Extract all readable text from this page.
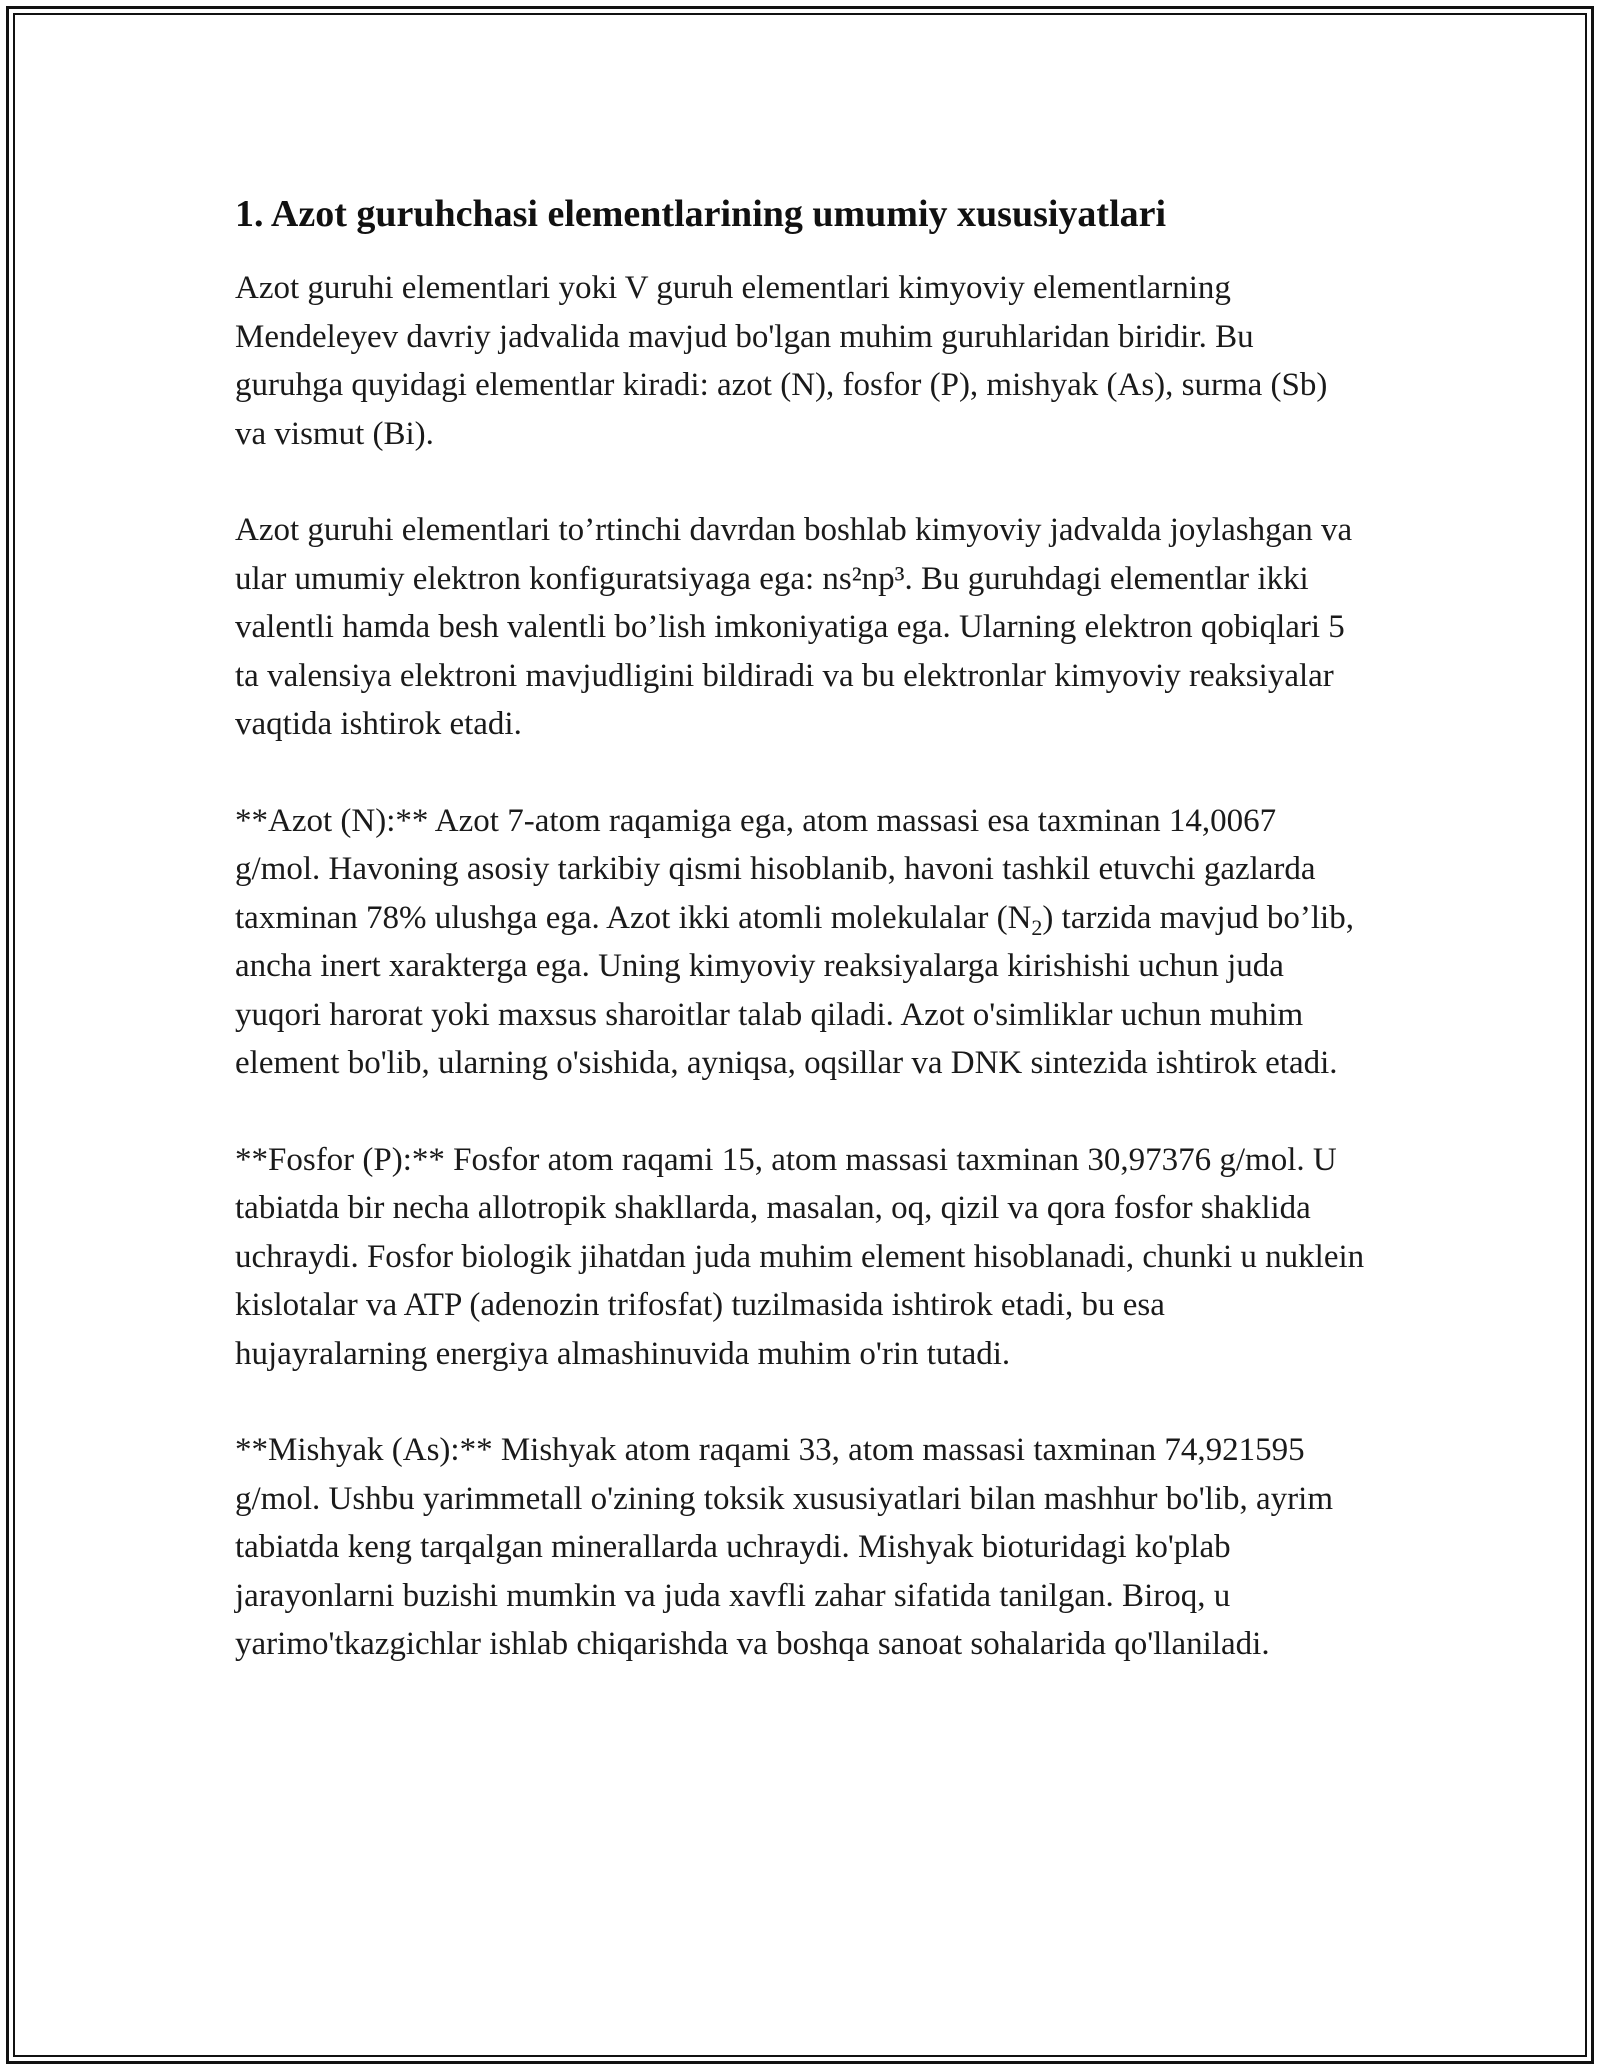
1. Azot guruhchasi elementlarining umumiy xususiyatlari

Azot guruhi elementlari yoki V guruh elementlari kimyoviy elementlarning Mendeleyev davriy jadvalida mavjud bo'lgan muhim guruhlaridan biridir. Bu guruhga quyidagi elementlar kiradi: azot (N), fosfor (P), mishyak (As), surma (Sb) va vismut (Bi).

Azot guruhi elementlari to’rtinchi davrdan boshlab kimyoviy jadvalda joylashgan va ular umumiy elektron konfiguratsiyaga ega: ns²np³. Bu guruhdagi elementlar ikki valentli hamda besh valentli bo’lish imkoniyatiga ega. Ularning elektron qobiqlari 5 ta valensiya elektroni mavjudligini bildiradi va bu elektronlar kimyoviy reaksiyalar vaqtida ishtirok etadi.

**Azot (N):** Azot 7-atom raqamiga ega, atom massasi esa taxminan 14,0067 g/mol. Havoning asosiy tarkibiy qismi hisoblanib, havoni tashkil etuvchi gazlarda taxminan 78% ulushga ega. Azot ikki atomli molekulalar $(N_2)$ tarzida mavjud bo’lib, ancha inert xarakterga ega. Uning kimyoviy reaksiyalarga kirishishi uchun juda yuqori harorat yoki maxsus sharoitlar talab qiladi. Azot o'simliklar uchun muhim element bo'lib, ularning o'sishida, ayniqsa, oqsillar va DNK sintezida ishtirok etadi.

**Fosfor (P):** Fosfor atom raqami 15, atom massasi taxminan 30,97376 g/mol. U tabiatda bir necha allotropik shakllarda, masalan, oq, qizil va qora fosfor shaklida uchraydi. Fosfor biologik jihatdan juda muhim element hisoblanadi, chunki u nuklein kislotalar va ATP (adenozin trifosfat) tuzilmasida ishtirok etadi, bu esa hujayralarning energiya almashinuvida muhim o'rin tutadi.

**Mishyak (As):** Mishyak atom raqami 33, atom massasi taxminan 74,921595 g/mol. Ushbu yarimmetall o'zining toksik xususiyatlari bilan mashhur bo'lib, ayrim tabiatda keng tarqalgan minerallarda uchraydi. Mishyak bioturidagi ko'plab jarayonlarni buzishi mumkin va juda xavfli zahar sifatida tanilgan. Biroq, u yarimo'tkazgichlar ishlab chiqarishda va boshqa sanoat sohalarida qo'llaniladi.
